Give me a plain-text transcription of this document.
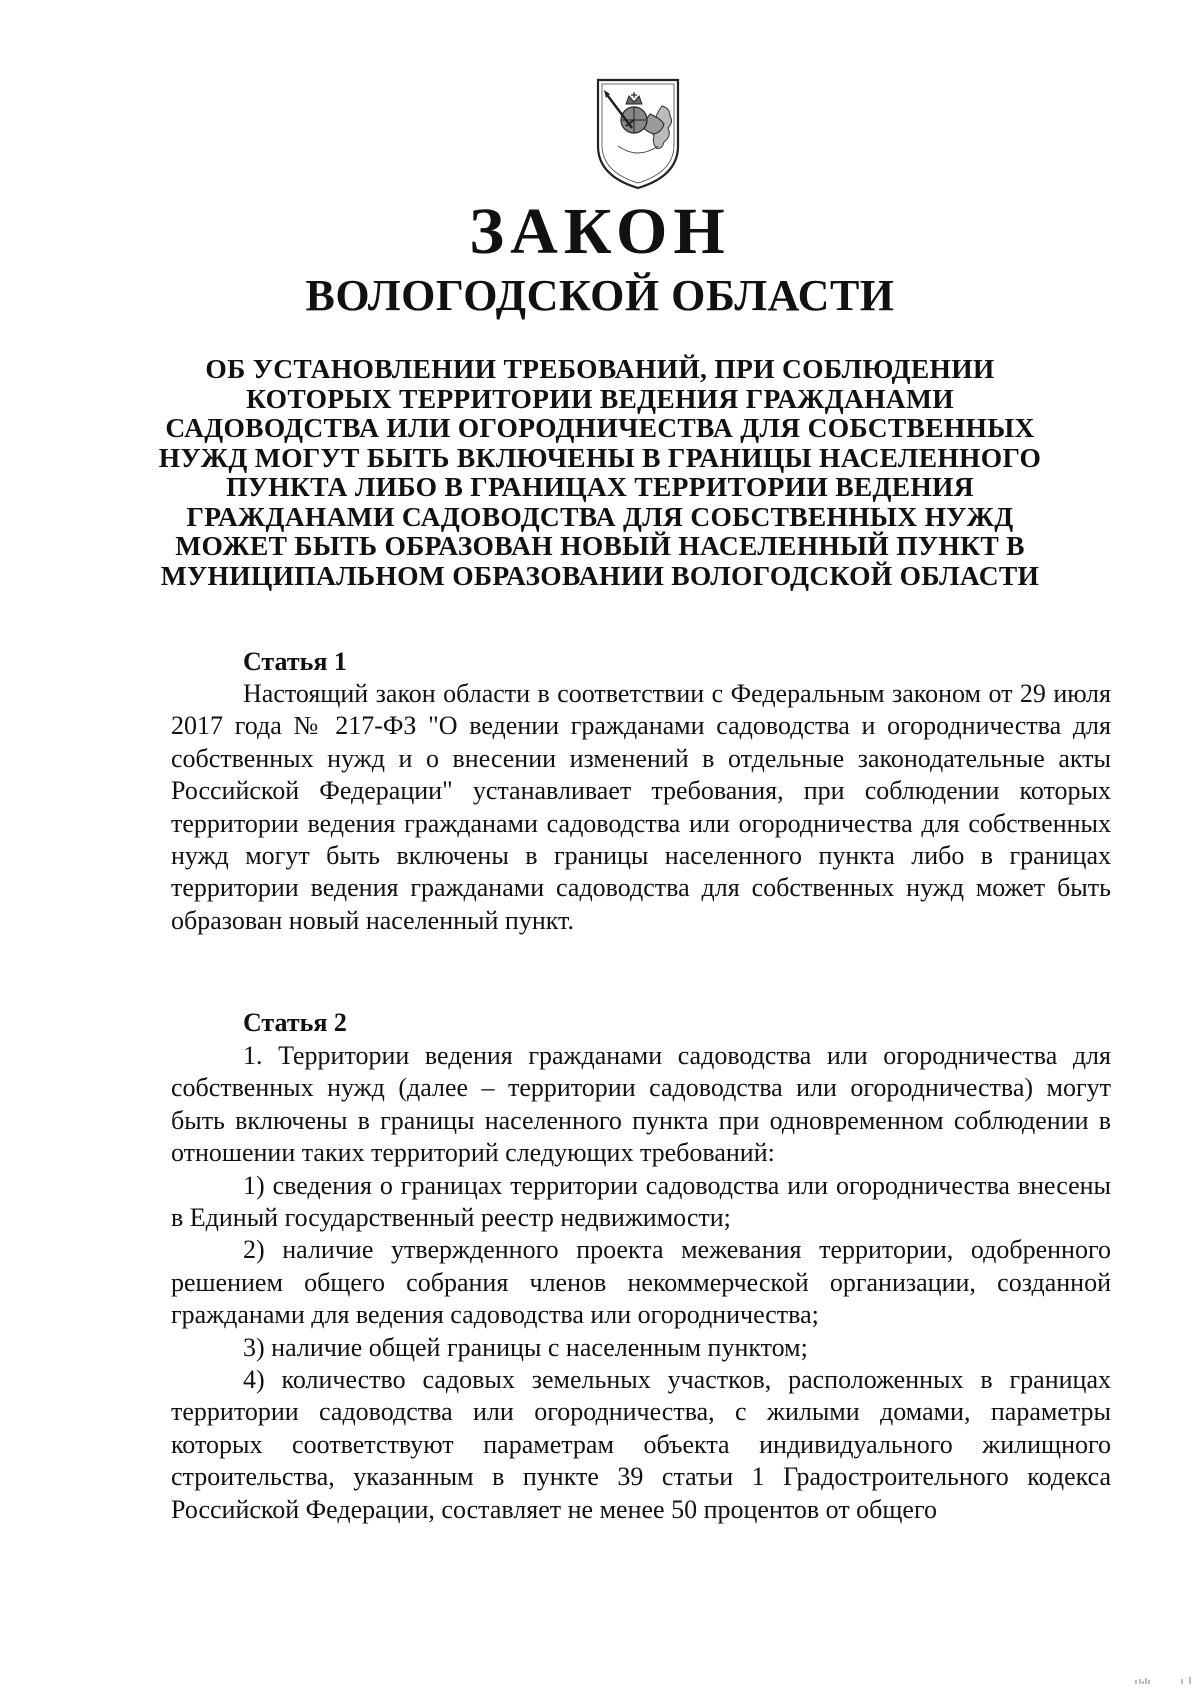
ЗАКОН
ВОЛОГОДСКОЙ ОБЛАСТИ

ОБ УСТАНОВЛЕНИИ ТРЕБОВАНИЙ, ПРИ СОБЛЮДЕНИИ КОТОРЫХ ТЕРРИТОРИИ ВЕДЕНИЯ ГРАЖДАНАМИ САДОВОДСТВА ИЛИ ОГОРОДНИЧЕСТВА ДЛЯ СОБСТВЕННЫХ НУЖД МОГУТ БЫТЬ ВКЛЮЧЕНЫ В ГРАНИЦЫ НАСЕЛЕННОГО ПУНКТА ЛИБО В ГРАНИЦАХ ТЕРРИТОРИИ ВЕДЕНИЯ ГРАЖДАНАМИ САДОВОДСТВА ДЛЯ СОБСТВЕННЫХ НУЖД МОЖЕТ БЫТЬ ОБРАЗОВАН НОВЫЙ НАСЕЛЕННЫЙ ПУНКТ В МУНИЦИПАЛЬНОМ ОБРАЗОВАНИИ ВОЛОГОДСКОЙ ОБЛАСТИ

Статья 1

Настоящий закон области в соответствии с Федеральным законом от 29 июля 2017 года № 217-ФЗ "О ведении гражданами садоводства и огородничества для собственных нужд и о внесении изменений в отдельные законодательные акты Российской Федерации" устанавливает требования, при соблюдении которых территории ведения гражданами садоводства или огородничества для собственных нужд могут быть включены в границы населенного пункта либо в границах территории ведения гражданами садоводства для собственных нужд может быть образован новый населенный пункт.

Статья 2

1. Территории ведения гражданами садоводства или огородничества для собственных нужд (далее – территории садоводства или огородничества) могут быть включены в границы населенного пункта при одновременном соблюдении в отношении таких территорий следующих требований:

1) сведения о границах территории садоводства или огородничества внесены в Единый государственный реестр недвижимости;

2) наличие утвержденного проекта межевания территории, одобренного решением общего собрания членов некоммерческой организации, созданной гражданами для ведения садоводства или огородничества;

3) наличие общей границы с населенным пунктом;

4) количество садовых земельных участков, расположенных в границах территории садоводства или огородничества, с жилыми домами, параметры которых соответствуют параметрам объекта индивидуального жилищного строительства, указанным в пункте 39 статьи 1 Градостроительного кодекса Российской Федерации, составляет не менее 50 процентов от общего
